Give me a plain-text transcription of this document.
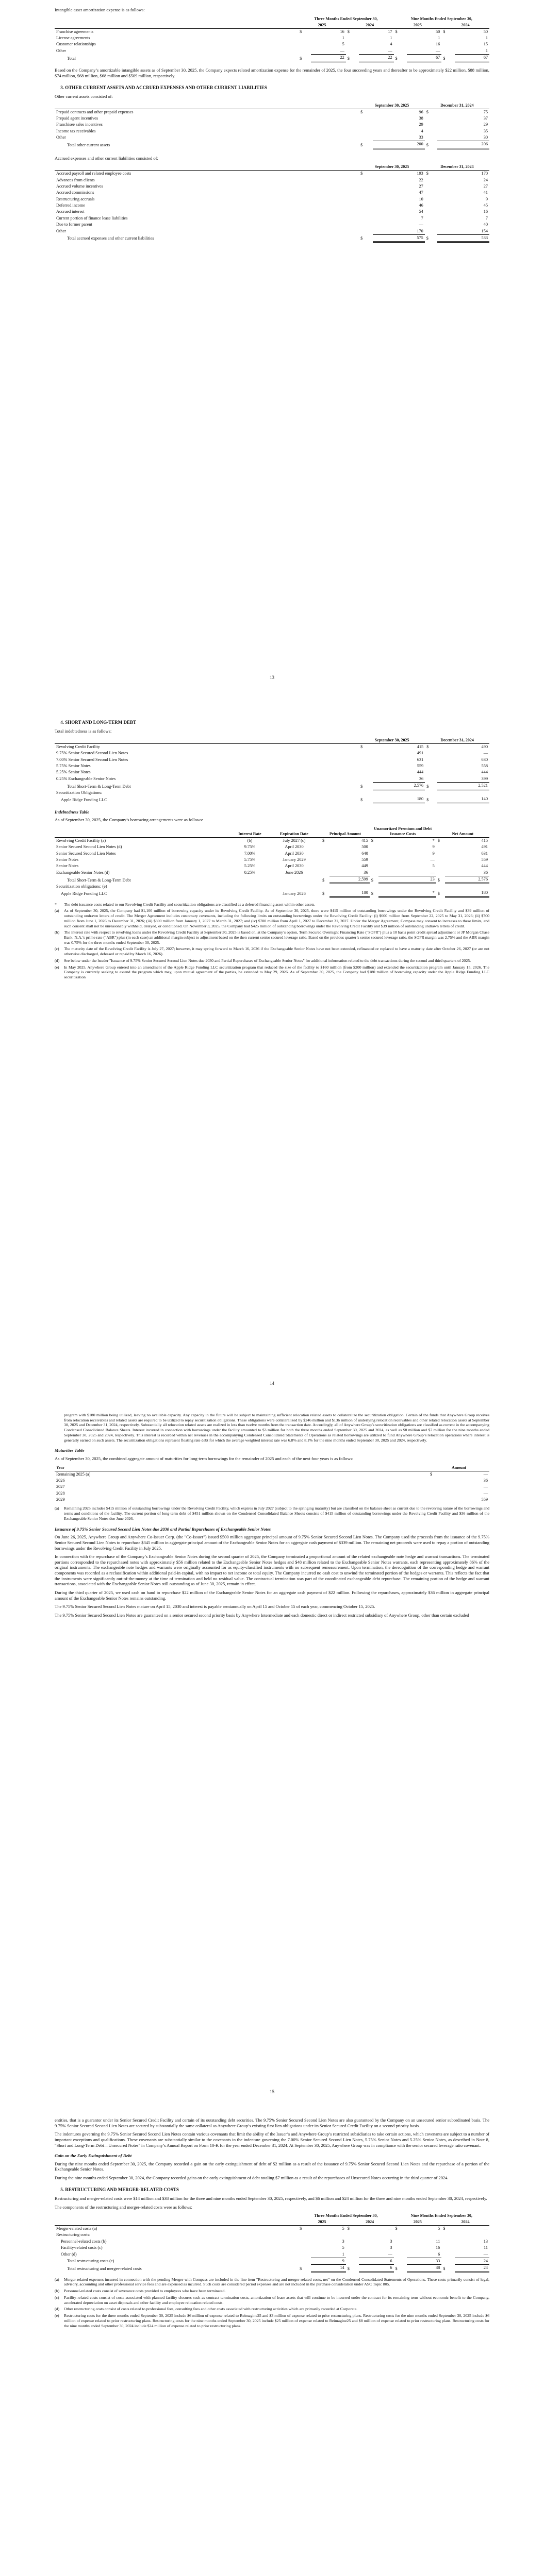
Intangible asset amortization expense is as follows:

	Three Months Ended September 30,				Nine Months Ended September 30,			
	2025		2024		2025		2024	
Franchise agreements	$	16	$	17	$	50	$	50
License agreements		1		1		1		1
Customer relationships		5		4		16		15
Other		—		—		—		1
Total	$	22	$	22	$	67	$	67

Based on the Company’s amortizable intangible assets as of September 30, 2025, the Company expects related amortization expense for the remainder of 2025, the four succeeding years and thereafter to be approximately $22 million, $88 million, $74 million, $68 million, $68 million and $509 million, respectively.

3. OTHER CURRENT ASSETS AND ACCRUED EXPENSES AND OTHER CURRENT LIABILITIES

Other current assets consisted of:

	September 30, 2025		December 31, 2024	
Prepaid contracts and other prepaid expenses	$	96	$	75
Prepaid agent incentives		38		37
Franchisee sales incentives		29		29
Income tax receivables		4		35
Other		33		30
Total other current assets	$	200	$	206

Accrued expenses and other current liabilities consisted of:

	September 30, 2025		December 31, 2024	
Accrued payroll and related employee costs	$	193	$	170
Advances from clients		22		24
Accrued volume incentives		27		27
Accrued commissions		47		41
Restructuring accruals		10		9
Deferred income		46		45
Accrued interest		54		16
Current portion of finance lease liabilities		7		7
Due to former parent		—		40
Other		170		154
Total accrued expenses and other current liabilities	$	575	$	533
13
4. SHORT AND LONG-TERM DEBT

Total indebtedness is as follows:

	September 30, 2025		December 31, 2024	
Revolving Credit Facility	$	415	$	490
9.75% Senior Secured Second Lien Notes		491		—
7.00% Senior Secured Second Lien Notes		631		630
5.75% Senior Notes		559		558
5.25% Senior Notes		444		444
0.25% Exchangeable Senior Notes		36		399
Total Short-Term & Long-Term Debt	$	2,576	$	2,521
Securitization Obligations:				
Apple Ridge Funding LLC	$	180	$	140
Indebtedness Table

As of September 30, 2025, the Company’s borrowing arrangements were as follows:

	Interest Rate	Expiration Date	Principal Amount		Unamortized Premium and Debt Issuance Costs		Net Amount	
Revolving Credit Facility (a)	(b)	July 2027 (c)	$	415	$	*	$	415
Senior Secured Second Lien Notes (d)	9.75%	April 2030		500		9		491
Senior Secured Second Lien Notes	7.00%	April 2030		640		9		631
Senior Notes	5.75%	January 2029		559		—		559
Senior Notes	5.25%	April 2030		449		5		444
Exchangeable Senior Notes (d)	0.25%	June 2026		36		—		36
Total Short-Term & Long-Term Debt			$	2,599	$	23	$	2,576
Securitization obligations: (e)								
Apple Ridge Funding LLC		January 2026	$	180	$	*	$	180
*	The debt issuance costs related to our Revolving Credit Facility and securitization obligations are classified as a deferred financing asset within other assets.
(a)	As of September 30, 2025, the Company had $1,100 million of borrowing capacity under its Revolving Credit Facility. As of September 30, 2025, there were $415 million of outstanding borrowings under the Revolving Credit Facility and $39 million of outstanding undrawn letters of credit. The Merger Agreement includes customary covenants, including the following limits on outstanding borrowings under the Revolving Credit Facility: (i) $600 million from September 22, 2025 to May 31, 2026; (ii) $700 million from June 1, 2026 to December 31, 2026; (iii) $800 million from January 1, 2027 to March 31, 2027; and (iv) $700 million from April 1, 2027 to December 31, 2027. Under the Merger Agreement, Compass may consent to increases to these limits, and such consent shall not be unreasonably withheld, delayed, or conditioned. On November 3, 2025, the Company had $425 million of outstanding borrowings under the Revolving Credit Facility and $39 million of outstanding undrawn letters of credit.
(b)	The interest rate with respect to revolving loans under the Revolving Credit Facility at September 30, 2025 is based on, at the Company’s option, Term Secured Overnight Financing Rate ("SOFR") plus a 10 basis point credit spread adjustment or JP Morgan Chase Bank, N.A.’s prime rate ("ABR") plus (in each case) an additional margin subject to adjustment based on the then current senior secured leverage ratio. Based on the previous quarter’s senior secured leverage ratio, the SOFR margin was 2.75% and the ABR margin was 0.75% for the three months ended September 30, 2025.
(c)	The maturity date of the Revolving Credit Facility is July 27, 2027; however, it may spring forward to March 16, 2026 if the Exchangeable Senior Notes have not been extended, refinanced or replaced to have a maturity date after October 26, 2027 (or are not otherwise discharged, defeased or repaid by March 16, 2026).
(d)	See below under the header "Issuance of 9.75% Senior Secured Second Lien Notes due 2030 and Partial Repurchases of Exchangeable Senior Notes" for additional information related to the debt transactions during the second and third quarters of 2025.
(e)	In May 2025, Anywhere Group entered into an amendment of the Apple Ridge Funding LLC securitization program that reduced the size of the facility to $160 million (from $200 million) and extended the securitization program until January 15, 2026. The Company is currently seeking to extend the program which may, upon mutual agreement of the parties, be extended to May 29, 2026. As of September 30, 2025, the Company had $180 million of borrowing capacity under the Apple Ridge Funding LLC securitization
14

program with $180 million being utilized, leaving no available capacity. Any capacity in the future will be subject to maintaining sufficient relocation related assets to collateralize the securitization obligation. Certain of the funds that Anywhere Group receives from relocation receivables and related assets are required to be utilized to repay securitization obligations. These obligations were collateralized by $246 million and $136 million of underlying relocation receivables and other related relocation assets at September 30, 2025 and December 31, 2024, respectively. Substantially all relocation related assets are realized in less than twelve months from the transaction date. Accordingly, all of Anywhere Group’s securitization obligations are classified as current in the accompanying Condensed Consolidated Balance Sheets. Interest incurred in connection with borrowings under the facility amounted to $3 million for both the three months ended September 30, 2025 and 2024, as well as $8 million and $7 million for the nine months ended September 30, 2025 and 2024, respectively. This interest is recorded within net revenues in the accompanying Condensed Consolidated Statements of Operations as related borrowings are utilized to fund Anywhere Group’s relocation operations where interest is generally earned on such assets. The securitization obligations represent floating rate debt for which the average weighted interest rate was 6.8% and 8.1% for the nine months ended September 30, 2025 and 2024, respectively.

Maturities Table

As of September 30, 2025, the combined aggregate amount of maturities for long-term borrowings for the remainder of 2025 and each of the next four years is as follows:

Year	Amount	
Remaining 2025 (a)	$	—
2026		36
2027		—
2028		—
2029		559
(a)	Remaining 2025 includes $415 million of outstanding borrowings under the Revolving Credit Facility, which expires in July 2027 (subject to the springing maturity) but are classified on the balance sheet as current due to the revolving nature of the borrowings and terms and conditions of the facility. The current portion of long-term debt of $451 million shown on the Condensed Consolidated Balance Sheets consists of $415 million of outstanding borrowings under the Revolving Credit Facility and $36 million of the Exchangeable Senior Notes due June 2026.
Issuance of 9.75% Senior Secured Second Lien Notes due 2030 and Partial Repurchases of Exchangeable Senior Notes

On June 26, 2025, Anywhere Group and Anywhere Co-Issuer Corp. (the "Co-Issuer") issued $500 million aggregate principal amount of 9.75% Senior Secured Second Lien Notes. The Company used the proceeds from the issuance of the 9.75% Senior Secured Second Lien Notes to repurchase $345 million in aggregate principal amount of the Exchangeable Senior Notes for an aggregate cash payment of $339 million. The remaining net proceeds were used to repay a portion of outstanding borrowings under the Revolving Credit Facility in July 2025.

In connection with the repurchase of the Company’s Exchangeable Senior Notes during the second quarter of 2025, the Company terminated a proportional amount of the related exchangeable note hedge and warrant transactions. The terminated portions corresponded to the repurchased notes with approximately $56 million related to the Exchangeable Senior Notes hedges and $48 million related to the Exchangeable Senior Notes warrants, each representing approximately 86% of the original instruments. The exchangeable note hedges and warrants were originally accounted for as equity-classified instruments with no subsequent remeasurement. Upon termination, the derecognition of the corresponding hedge and warrant components was recorded as a reclassification within additional paid-in capital, with no impact to net income or total equity. The Company incurred no cash cost to unwind the terminated portion of the hedges or warrants. This reflects the fact that the instruments were significantly out-of-the-money at the time of termination and held no residual value. The contractual termination was part of the coordinated exchangeable debt repurchase. The remaining portion of the hedge and warrant transactions, associated with the Exchangeable Senior Notes still outstanding as of June 30, 2025, remain in effect.

During the third quarter of 2025, we used cash on hand to repurchase $22 million of the Exchangeable Senior Notes for an aggregate cash payment of $22 million. Following the repurchases, approximately $36 million in aggregate principal amount of the Exchangeable Senior Notes remains outstanding.

The 9.75% Senior Secured Second Lien Notes mature on April 15, 2030 and interest is payable semiannually on April 15 and October 15 of each year, commencing October 15, 2025.

The 9.75% Senior Secured Second Lien Notes are guaranteed on a senior secured second priority basis by Anywhere Intermediate and each domestic direct or indirect restricted subsidiary of Anywhere Group, other than certain excluded

15

entities, that is a guarantor under its Senior Secured Credit Facility and certain of its outstanding debt securities. The 9.75% Senior Secured Second Lien Notes are also guaranteed by the Company on an unsecured senior subordinated basis. The 9.75% Senior Secured Second Lien Notes are secured by substantially the same collateral as Anywhere Group’s existing first lien obligations under its Senior Secured Credit Facility on a second priority basis.

The indentures governing the 9.75% Senior Secured Second Lien Notes contain various covenants that limit the ability of the Issuer’s and Anywhere Group’s restricted subsidiaries to take certain actions, which covenants are subject to a number of important exceptions and qualifications. These covenants are substantially similar to the covenants in the indenture governing the 7.00% Senior Secured Second Lien Notes, 5.75% Senior Notes and 5.25% Senior Notes, as described in Note 8, "Short and Long-Term Debt—Unsecured Notes" in Company’s Annual Report on Form 10-K for the year ended December 31, 2024. At September 30, 2025, Anywhere Group was in compliance with the senior secured leverage ratio covenant.

Gain on the Early Extinguishment of Debt

During the nine months ended September 30, 2025, the Company recorded a gain on the early extinguishment of debt of $2 million as a result of the issuance of 9.75% Senior Secured Second Lien Notes and the repurchase of a portion of the Exchangeable Senior Notes.

During the nine months ended September 30, 2024, the Company recorded gains on the early extinguishment of debt totaling $7 million as a result of the repurchases of Unsecured Notes occurring in the third quarter of 2024.

5. RESTRUCTURING AND MERGER-RELATED COSTS

Restructuring and merger-related costs were $14 million and $38 million for the three and nine months ended September 30, 2025, respectively, and $6 million and $24 million for the three and nine months ended September 30, 2024, respectively.

The components of the restructuring and merger-related costs were as follows:

	Three Months Ended September 30,				Nine Months Ended September 30,			
	2025		2024		2025		2024	
Merger-related costs (a)	$	5	$	—	$	5	$	—
Restructuring costs:								
Personnel-related costs (b)		3		3		11		13
Facility-related costs (c)		5		3		16		11
Other (d)		1		—		6		—
Total restructuring costs (e)		9		6		33		24
Total restructuring and merger-related costs	$	14	$	6	$	38	$	24
(a)	Merger-related expenses incurred in connection with the pending Merger with Compass are included in the line item "Restructuring and merger-related costs, net" on the Condensed Consolidated Statements of Operations. These costs primarily consist of legal, advisory, accounting and other professional service fees and are expensed as incurred. Such costs are considered period expenses and are not included in the purchase consideration under ASC Topic 805.
(b)	Personnel-related costs consist of severance costs provided to employees who have been terminated.
(c)	Facility-related costs consist of costs associated with planned facility closures such as contract termination costs, amortization of lease assets that will continue to be incurred under the contract for its remaining term without economic benefit to the Company, accelerated depreciation on asset disposals and other facility and employee relocation related costs.
(d)	Other restructuring costs consist of costs related to professional fees, consulting fees and other costs associated with restructuring activities which are primarily recorded at Corporate.
(e)	Restructuring costs for the three months ended September 30, 2025 include $6 million of expense related to Reimagine25 and $3 million of expense related to prior restructuring plans. Restructuring costs for the nine months ended September 30, 2025 include $6 million of expense related to prior restructuring plans. Restructuring costs for the nine months ended September 30, 2025 include $25 million of expense related to Reimagine25 and $8 million of expense related to prior restructuring plans. Restructuring costs for the nine months ended September 30, 2024 include $24 million of expense related to prior restructuring plans.
